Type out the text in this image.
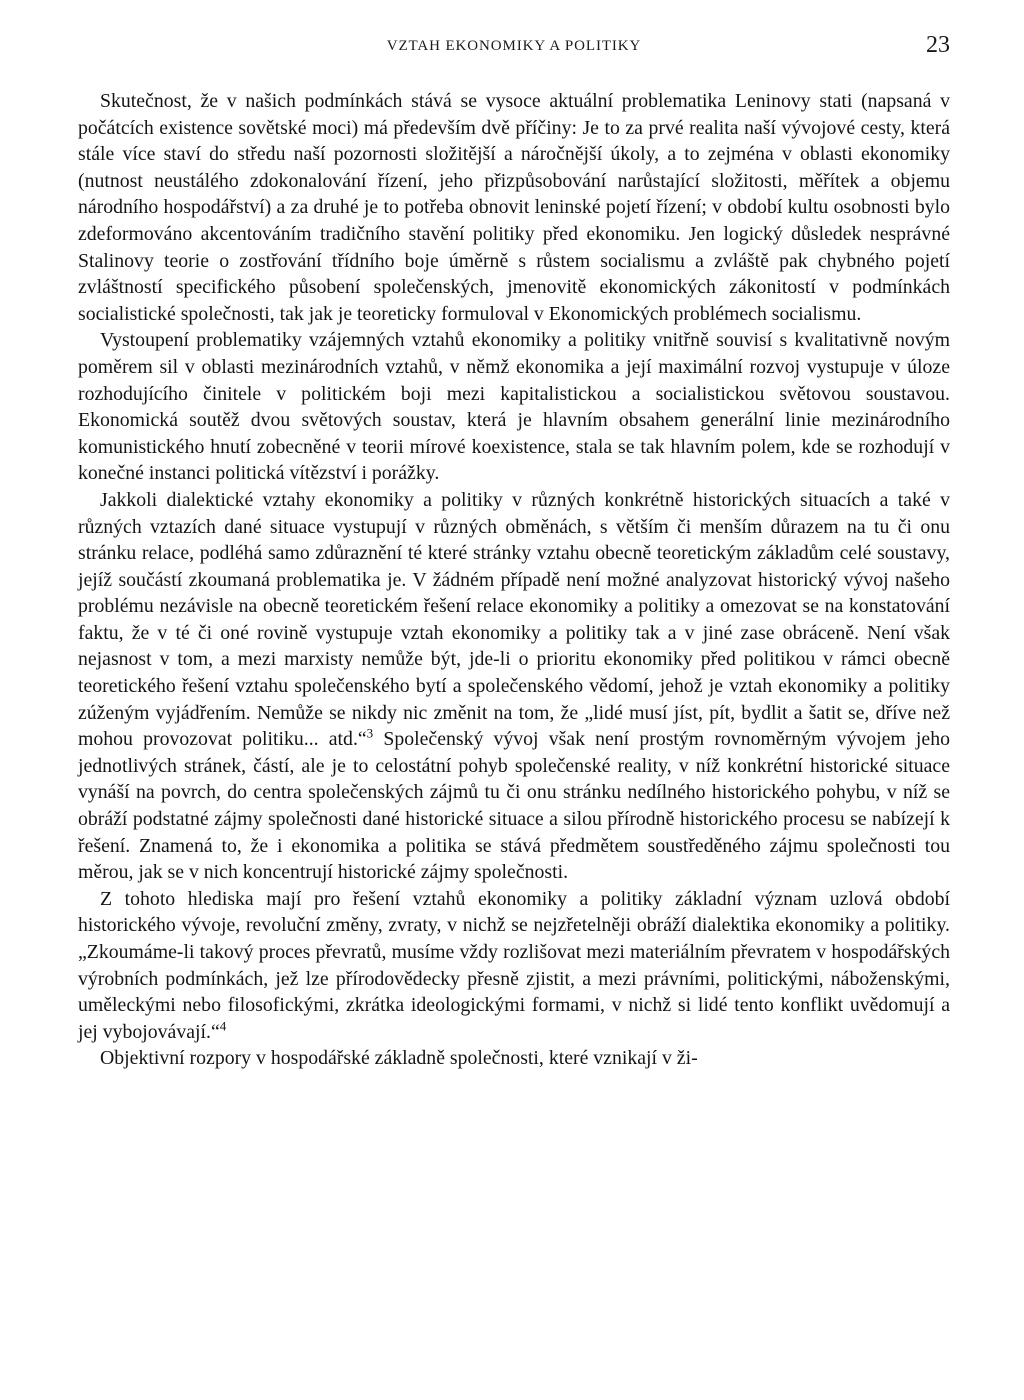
VZTAH EKONOMIKY A POLITIKY	23

Skutečnost, že v našich podmínkách stává se vysoce aktuální problematika Leninovy stati (napsaná v počátcích existence sovětské moci) má především dvě příčiny: Je to za prvé realita naší vývojové cesty, která stále více staví do středu naší pozornosti složitější a náročnější úkoly, a to zejména v oblasti ekonomiky (nutnost neustálého zdokonalování řízení, jeho přizpůsobování narůstající složitosti, měřítek a objemu národního hospodářství) a za druhé je to potřeba obnovit leninské pojetí řízení; v období kultu osobnosti bylo zdeformováno akcentováním tradičního stavění politiky před ekonomiku. Jen logický důsledek nesprávné Stalinovy teorie o zostřování třídního boje úměrně s růstem socialismu a zvláště pak chybného pojetí zvláštností specifického působení společenských, jmenovitě ekonomických zákonitostí v podmínkách socialistické společnosti, tak jak je teoreticky formuloval v Ekonomických problémech socialismu.

Vystoupení problematiky vzájemných vztahů ekonomiky a politiky vnitřně souvisí s kvalitativně novým poměrem sil v oblasti mezinárodních vztahů, v němž ekonomika a její maximální rozvoj vystupuje v úloze rozhodujícího činitele v politickém boji mezi kapitalistickou a socialistickou světovou soustavou. Ekonomická soutěž dvou světových soustav, která je hlavním obsahem generální linie mezinárodního komunistického hnutí zobecněné v teorii mírové koexistence, stala se tak hlavním polem, kde se rozhodují v konečné instanci politická vítězství i porážky.

Jakkoli dialektické vztahy ekonomiky a politiky v různých konkrétně historických situacích a také v různých vztazích dané situace vystupují v různých obměnách, s větším či menším důrazem na tu či onu stránku relace, podléhá samo zdůraznění té které stránky vztahu obecně teoretickým základům celé soustavy, jejíž součástí zkoumaná problematika je. V žádném případě není možné analyzovat historický vývoj našeho problému nezávisle na obecně teoretickém řešení relace ekonomiky a politiky a omezovat se na konstatování faktu, že v té či oné rovině vystupuje vztah ekonomiky a politiky tak a v jiné zase obráceně. Není však nejasnost v tom, a mezi marxisty nemůže být, jde-li o prioritu ekonomiky před politikou v rámci obecně teoretického řešení vztahu společenského bytí a společenského vědomí, jehož je vztah ekonomiky a politiky zúženým vyjádřením. Nemůže se nikdy nic změnit na tom, že „lidé musí jíst, pít, bydlit a šatit se, dříve než mohou provozovat politiku... atd.“$^3$ Společenský vývoj však není prostým rovnoměrným vývojem jeho jednotlivých stránek, částí, ale je to celostátní pohyb společenské reality, v níž konkrétní historické situace vynáší na povrch, do centra společenských zájmů tu či onu stránku nedílného historického pohybu, v níž se obráží podstatné zájmy společnosti dané historické situace a silou přírodně historického procesu se nabízejí k řešení. Znamená to, že i ekonomika a politika se stává předmětem soustředěného zájmu společnosti tou měrou, jak se v nich koncentrují historické zájmy společnosti.

Z tohoto hlediska mají pro řešení vztahů ekonomiky a politiky základní význam uzlová období historického vývoje, revoluční změny, zvraty, v nichž se nejzřetelněji obráží dialektika ekonomiky a politiky. „Zkoumáme-li takový proces převratů, musíme vždy rozlišovat mezi materiálním převratem v hospodářských výrobních podmínkách, jež lze přírodovědecky přesně zjistit, a mezi právními, politickými, náboženskými, uměleckými nebo filosofickými, zkrátka ideologickými formami, v nichž si lidé tento konflikt uvědomují a jej vybojovávají.“$^4$

Objektivní rozpory v hospodářské základně společnosti, které vznikají v ži-
